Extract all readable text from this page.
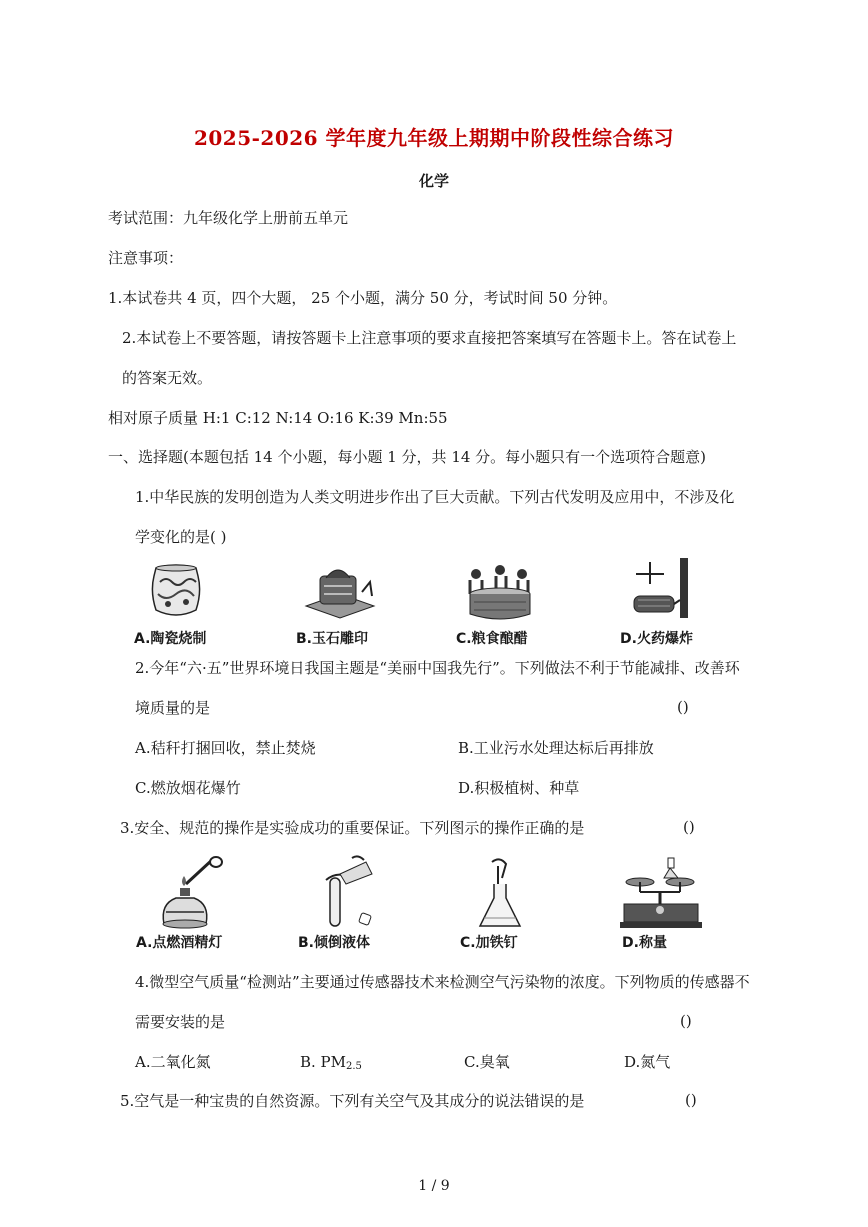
2025-2026 学年度九年级上期期中阶段性综合练习
化学
考试范围：九年级化学上册前五单元
注意事项：
1.本试卷共 4 页，四个大题， 25 个小题，满分 50 分，考试时间 50 分钟。
2.本试卷上不要答题，请按答题卡上注意事项的要求直接把答案填写在答题卡上。答在试卷上
的答案无效。
相对原子质量 H:1 C:12 N:14 O:16 K:39 Mn:55
一、选择题(本题包括 14 个小题，每小题 1 分，共 14 分。每小题只有一个选项符合题意)
1.中华民族的发明创造为人类文明进步作出了巨大贡献。下列古代发明及应用中，不涉及化
学变化的是( )
A.陶瓷烧制	B.玉石雕印	C.粮食酿醋	D.火药爆炸
2.今年“六·五”世界环境日我国主题是“美丽中国我先行”。下列做法不利于节能减排、改善环
境质量的是	()
A.秸秆打捆回收，禁止焚烧	B.工业污水处理达标后再排放
C.燃放烟花爆竹	D.积极植树、种草
3.安全、规范的操作是实验成功的重要保证。下列图示的操作正确的是	()
A.点燃酒精灯	B.倾倒液体	C.加铁钉	D.称量
4.微型空气质量“检测站”主要通过传感器技术来检测空气污染物的浓度。下列物质的传感器不
需要安装的是	()
A.二氧化氮	B. $PM_{2.5}$	C.臭氧	D.氮气
5.空气是一种宝贵的自然资源。下列有关空气及其成分的说法错误的是	()
1 / 9
